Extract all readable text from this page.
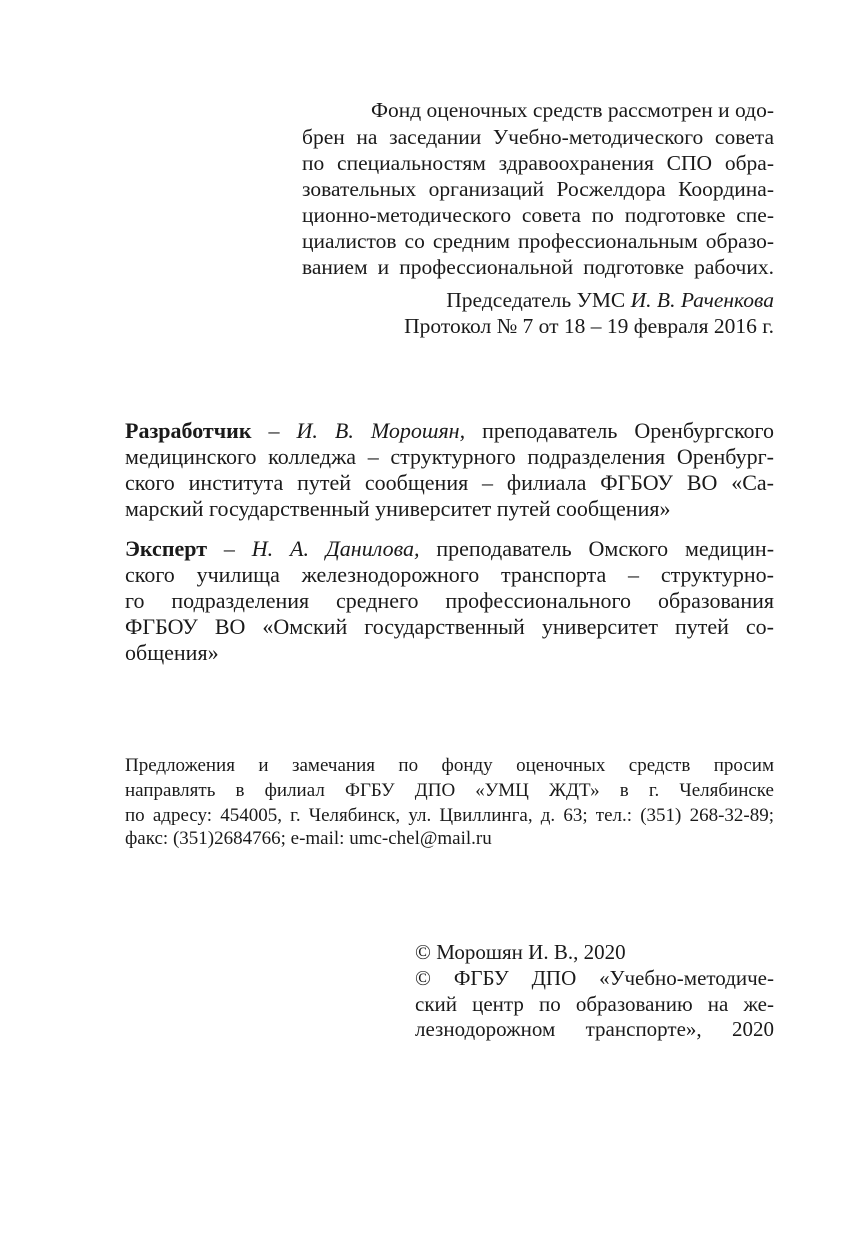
Фонд оценочных средств рассмотрен и одо-
брен на заседании Учебно-методического совета
по специальностям здравоохранения СПО обра-
зовательных организаций Росжелдора Координа-
ционно-методического совета по подготовке спе-
циалистов со средним профессиональным образо-
ванием и профессиональной подготовке рабочих.
Председатель УМС И. В. Раченкова
Протокол № 7 от 18 – 19 февраля 2016 г.
Разработчик – И. В. Морошян, преподаватель Оренбургского
медицинского колледжа – структурного подразделения Оренбург-
ского института путей сообщения – филиала ФГБОУ ВО «Са-
марский государственный университет путей сообщения»
Эксперт – Н. А. Данилова, преподаватель Омского медицин-
ского училища железнодорожного транспорта – структурно-
го подразделения среднего профессионального образования
ФГБОУ ВО «Омский государственный университет путей со-
общения»
Предложения и замечания по фонду оценочных средств просим
направлять в филиал ФГБУ ДПО «УМЦ ЖДТ» в г. Челябинске
по адресу: 454005, г. Челябинск, ул. Цвиллинга, д. 63; тел.: (351) 268-32-89;
факс: (351)2684766; e-mail: umc-chel@mail.ru
© Морошян И. В., 2020
© ФГБУ ДПО «Учебно-методиче-
ский центр по образованию на же-
лезнодорожном транспорте», 2020
